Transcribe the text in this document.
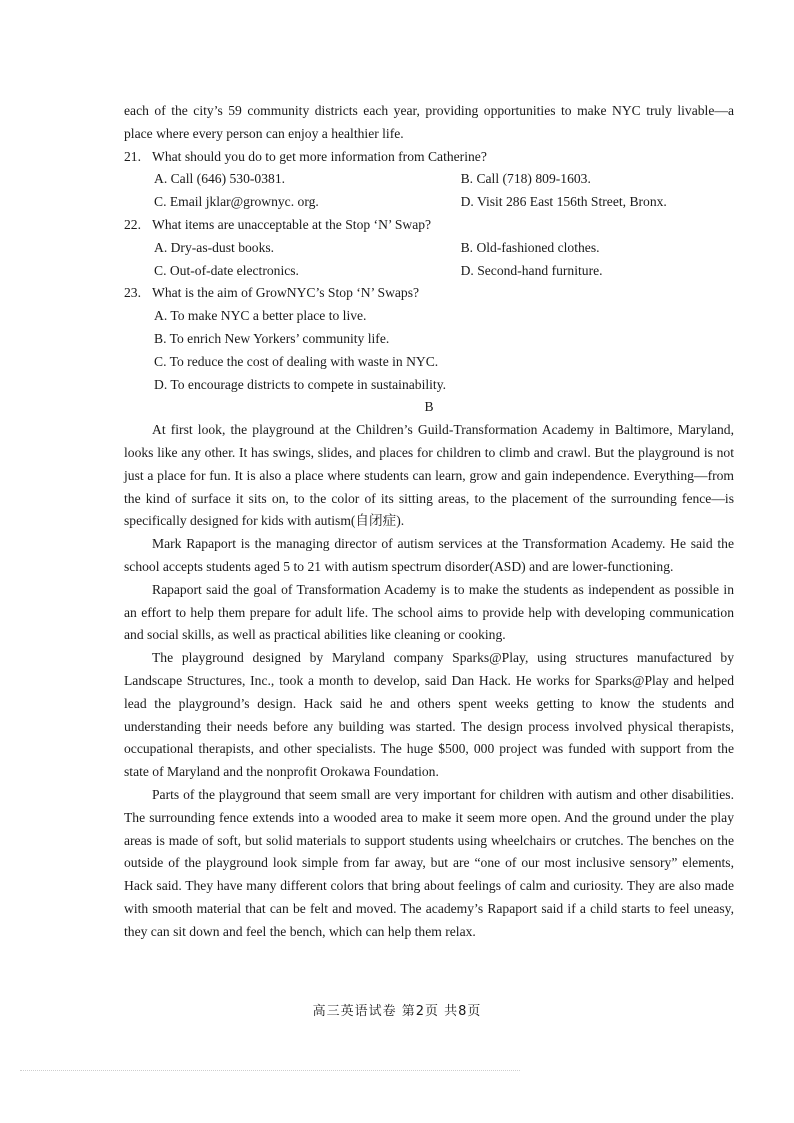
each of the city’s 59 community districts each year, providing opportunities to make NYC truly livable—a place where every person can enjoy a healthier life.

21. What should you do to get more information from Catherine?
A. Call (646) 530-0381.	B. Call (718) 809-1603.
C. Email jklar@grownyc. org.	D. Visit 286 East 156th Street, Bronx.
22. What items are unacceptable at the Stop ‘N’ Swap?
A. Dry-as-dust books.	B. Old-fashioned clothes.
C. Out-of-date electronics.	D. Second-hand furniture.
23. What is the aim of GrowNYC’s Stop ‘N’ Swaps?
A. To make NYC a better place to live.
B. To enrich New Yorkers’ community life.
C. To reduce the cost of dealing with waste in NYC.
D. To encourage districts to compete in sustainability.
B

At first look, the playground at the Children’s Guild-Transformation Academy in Baltimore, Maryland, looks like any other. It has swings, slides, and places for children to climb and crawl. But the playground is not just a place for fun. It is also a place where students can learn, grow and gain independence. Everything—from the kind of surface it sits on, to the color of its sitting areas, to the placement of the surrounding fence—is specifically designed for kids with autism(自闭症).

Mark Rapaport is the managing director of autism services at the Transformation Academy. He said the school accepts students aged 5 to 21 with autism spectrum disorder(ASD) and are lower-functioning.

Rapaport said the goal of Transformation Academy is to make the students as independent as possible in an effort to help them prepare for adult life. The school aims to provide help with developing communication and social skills, as well as practical abilities like cleaning or cooking.

The playground designed by Maryland company Sparks@Play, using structures manufactured by Landscape Structures, Inc., took a month to develop, said Dan Hack. He works for Sparks@Play and helped lead the playground’s design. Hack said he and others spent weeks getting to know the students and understanding their needs before any building was started. The design process involved physical therapists, occupational therapists, and other specialists. The huge $500, 000 project was funded with support from the state of Maryland and the nonprofit Orokawa Foundation.

Parts of the playground that seem small are very important for children with autism and other disabilities. The surrounding fence extends into a wooded area to make it seem more open. And the ground under the play areas is made of soft, but solid materials to support students using wheelchairs or crutches. The benches on the outside of the playground look simple from far away, but are “one of our most inclusive sensory” elements, Hack said. They have many different colors that bring about feelings of calm and curiosity. They are also made with smooth material that can be felt and moved. The academy’s Rapaport said if a child starts to feel uneasy, they can sit down and feel the bench, which can help them relax.

高三英语试卷 第2页 共8页
